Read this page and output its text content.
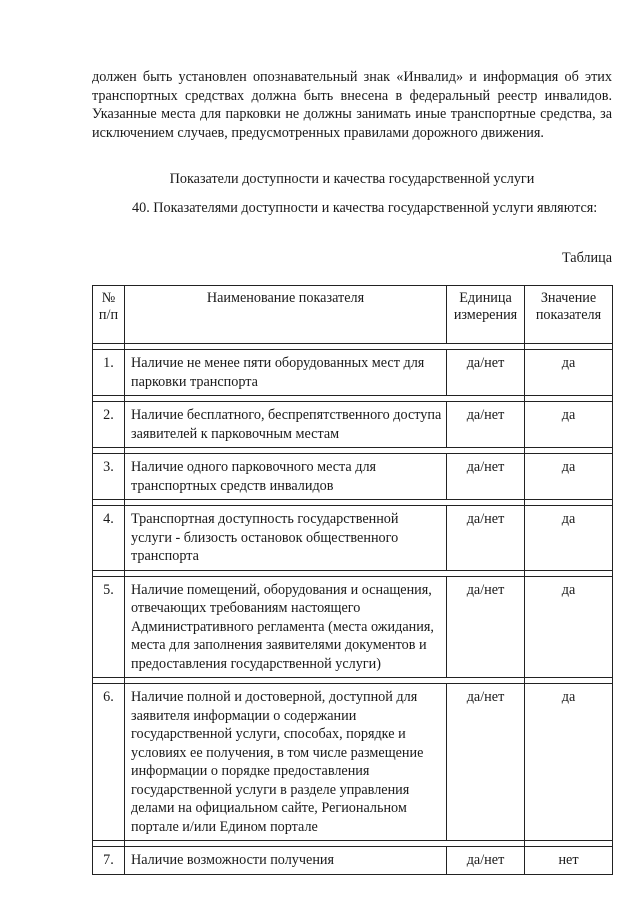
должен быть установлен опознавательный знак «Инвалид» и информация об этих транспортных средствах должна быть внесена в федеральный реестр инвалидов. Указанные места для парковки не должны занимать иные транспортные средства, за исключением случаев, предусмотренных правилами дорожного движения.

Показатели доступности и качества государственной услуги

40. Показателями доступности и качества государственной услуги являются:

Таблица

№ п/п	Наименование показателя	Единица измерения	Значение показателя

1.	Наличие не менее пяти оборудованных мест для парковки транспорта	да/нет	да

2.	Наличие бесплатного, беспрепятственного доступа заявителей к парковочным местам	да/нет	да

3.	Наличие одного парковочного места для транспортных средств инвалидов	да/нет	да

4.	Транспортная доступность государственной услуги - близость остановок общественного транспорта	да/нет	да

5.	Наличие помещений, оборудования и оснащения, отвечающих требованиям настоящего Административного регламента (места ожидания, места для заполнения заявителями документов и предоставления государственной услуги)	да/нет	да

6.	Наличие полной и достоверной, доступной для заявителя информации о содержании государственной услуги, способах, порядке и условиях ее получения, в том числе размещение информации о порядке предоставления государственной услуги в разделе управления делами на официальном сайте, Региональном портале и/или Едином портале	да/нет	да

7.	Наличие возможности получения	да/нет	нет
